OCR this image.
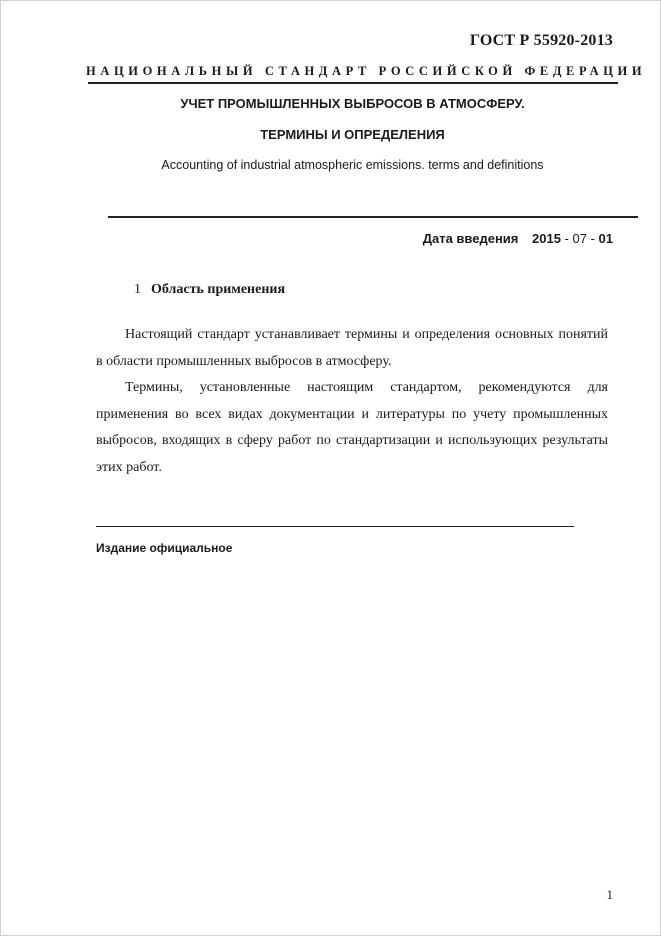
ГОСТ Р 55920-2013
НАЦИОНАЛЬНЫЙ СТАНДАРТ РОССИЙСКОЙ ФЕДЕРАЦИИ
УЧЕТ ПРОМЫШЛЕННЫХ ВЫБРОСОВ В АТМОСФЕРУ.
ТЕРМИНЫ И ОПРЕДЕЛЕНИЯ
Accounting of industrial atmospheric emissions. terms and definitions
Дата введения 2015 - 07 - 01
1 Область применения
Настоящий стандарт устанавливает термины и определения основных понятий в области промышленных выбросов в атмосферу.
Термины, установленные настоящим стандартом, рекомендуются для применения во всех видах документации и литературы по учету промышленных выбросов, входящих в сферу работ по стандартизации и использующих результаты этих работ.
Издание официальное
1
